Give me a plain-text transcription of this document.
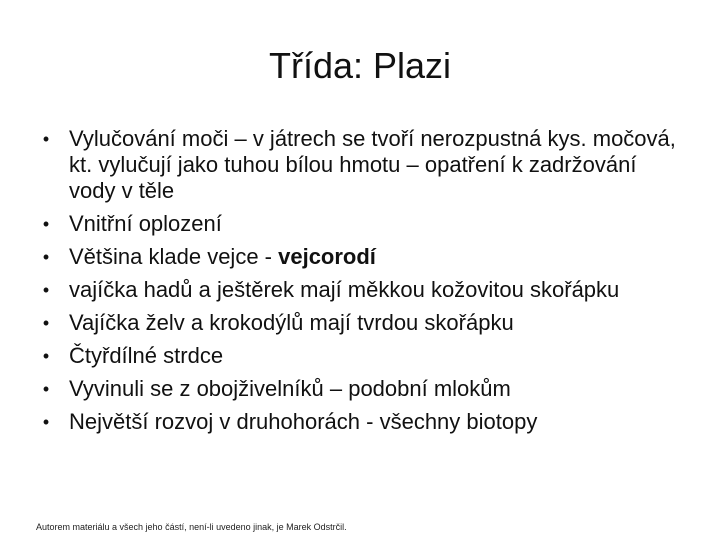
Třída: Plazi
• Vylučování moči – v játrech se tvoří nerozpustná kys. močová, kt. vylučují jako tuhou bílou hmotu – opatření k zadržování vody v těle
• Vnitřní oplození
• Většina klade vejce - vejcorodí
• vajíčka hadů a ještěrek mají měkkou kožovitou skořápku
• Vajíčka želv a krokodýlů mají tvrdou skořápku
• Čtyřdílné strdce
• Vyvinuli se z obojživelníků – podobní mlokům
• Největší rozvoj v druhohorách - všechny biotopy
Autorem materiálu a všech jeho částí, není-li uvedeno jinak, je Marek Odstrčil.
